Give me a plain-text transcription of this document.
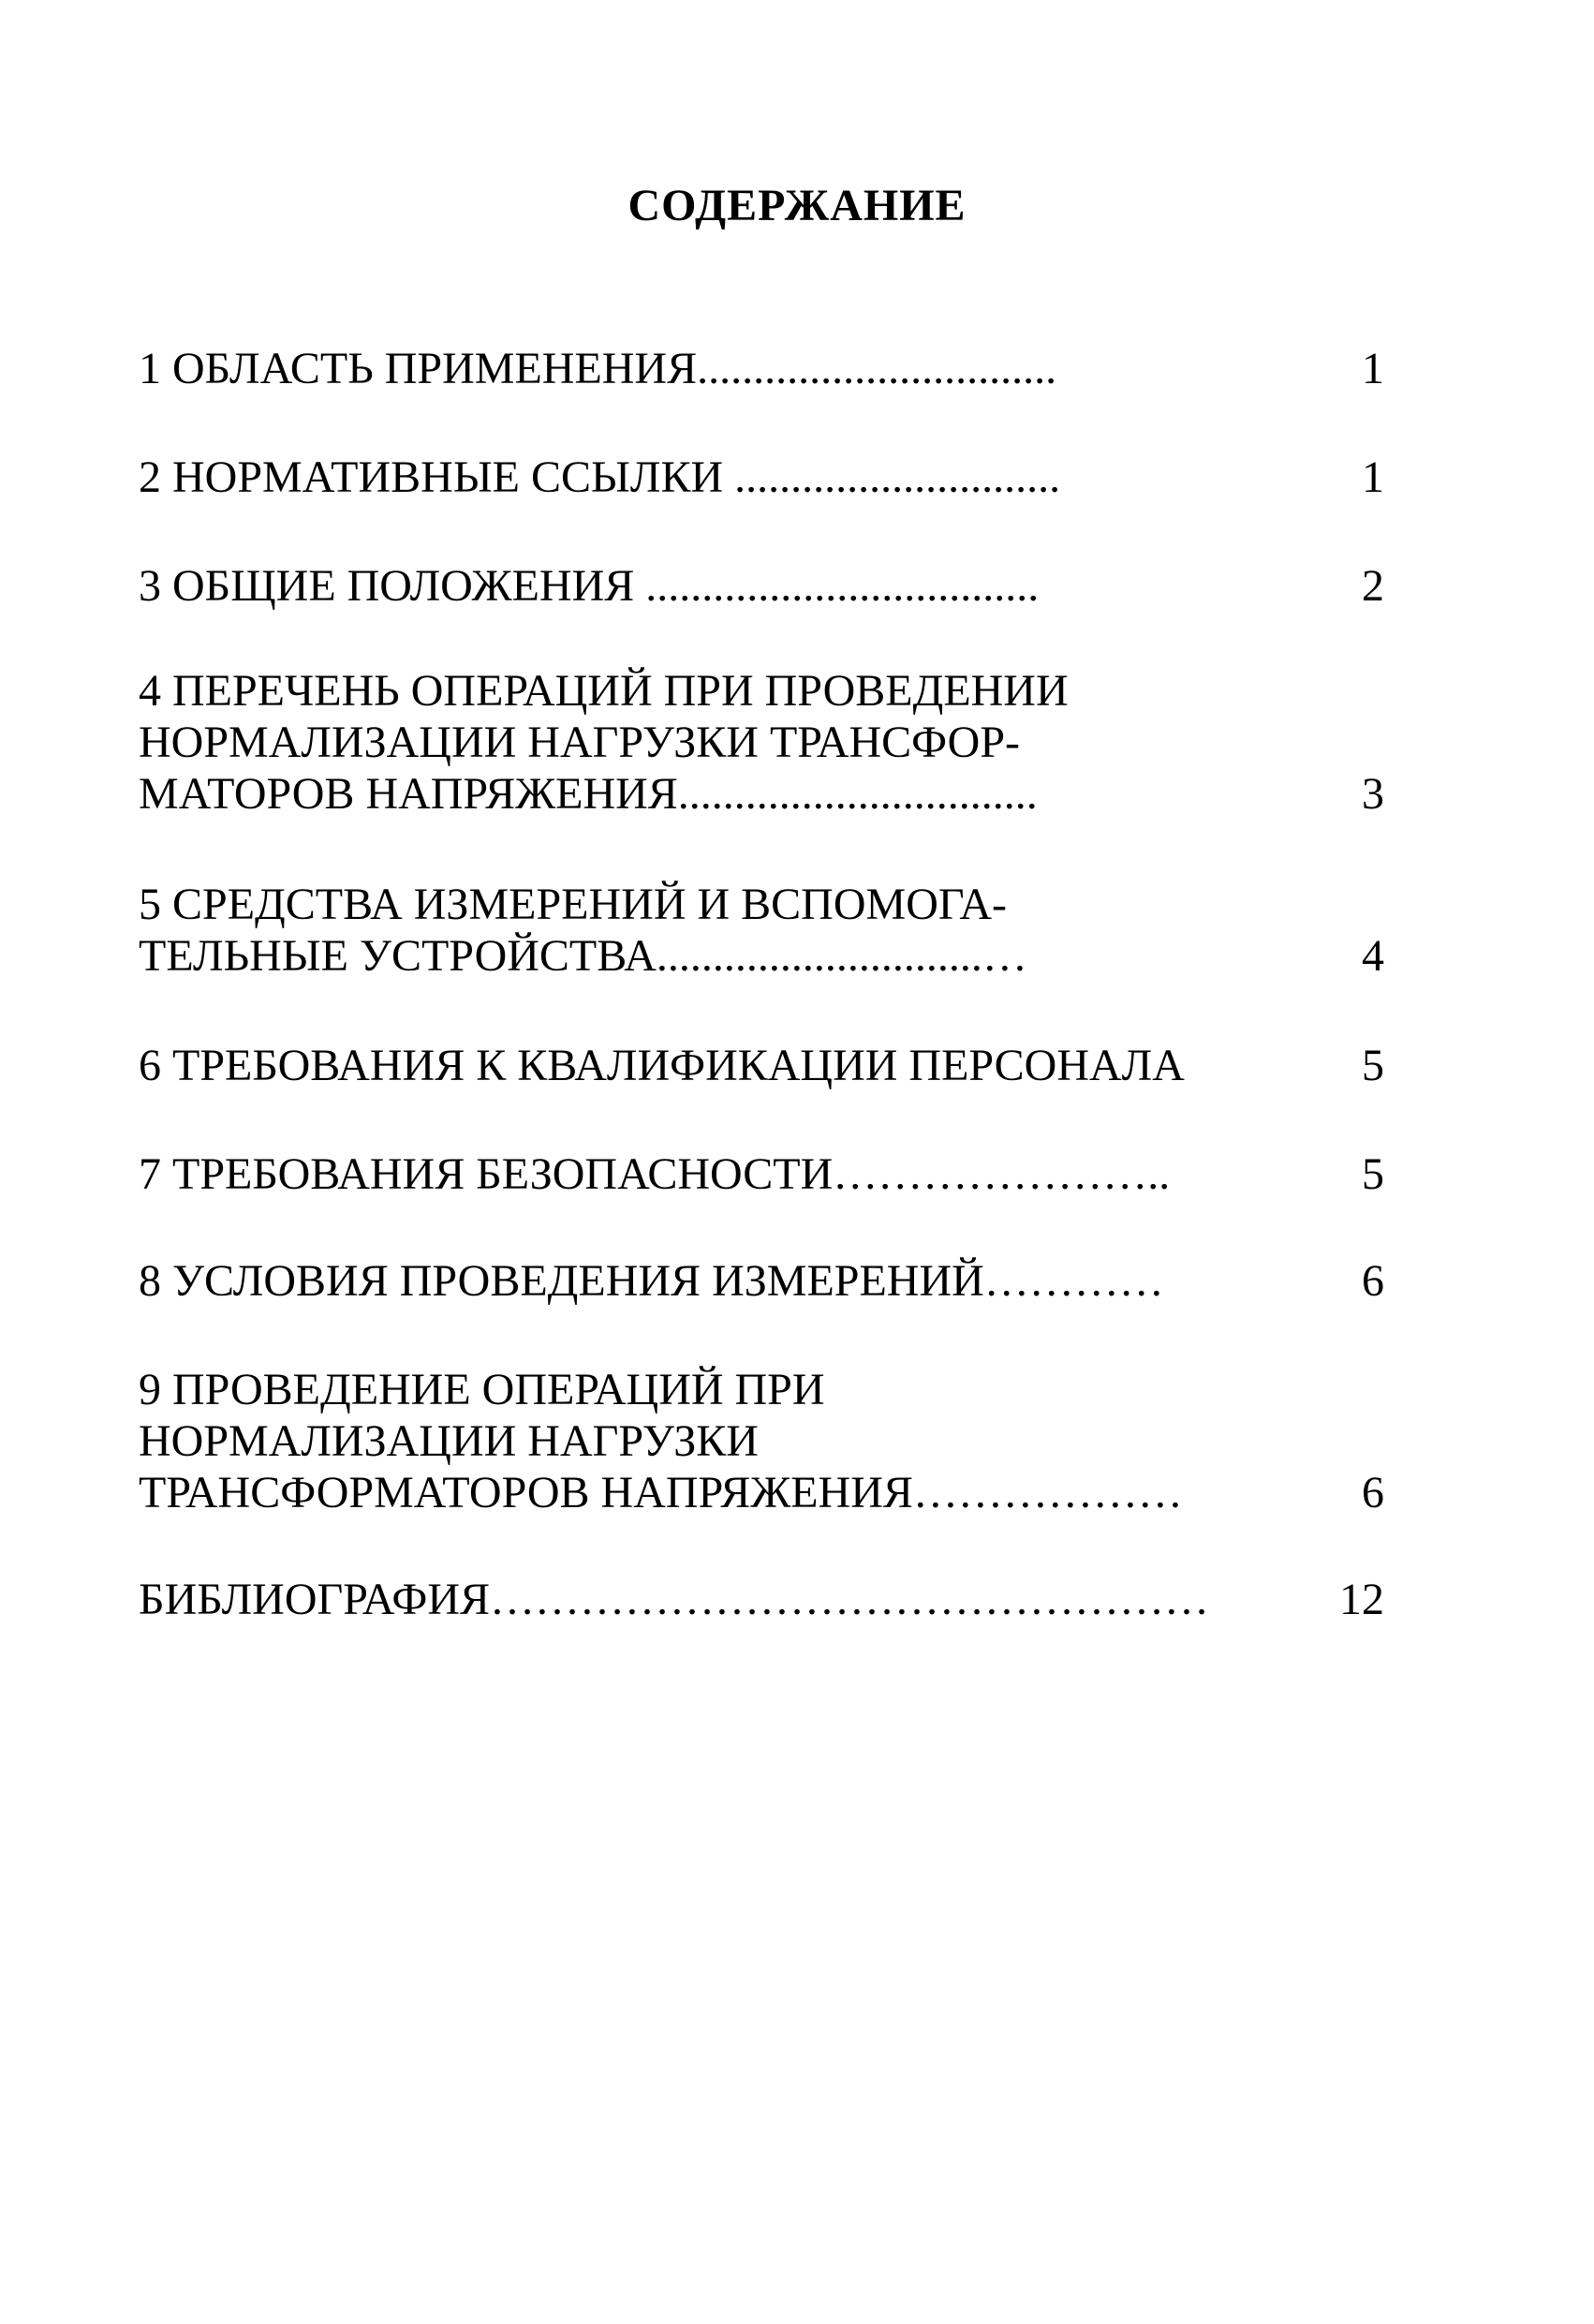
СОДЕРЖАНИЕ
1 ОБЛАСТЬ ПРИМЕНЕНИЯ................................	1
2 НОРМАТИВНЫЕ ССЫЛКИ .............................	1
3 ОБЩИЕ ПОЛОЖЕНИЯ ...................................	2
4 ПЕРЕЧЕНЬ ОПЕРАЦИЙ ПРИ ПРОВЕДЕНИИ
НОРМАЛИЗАЦИИ НАГРУЗКИ ТРАНСФОР-
МАТОРОВ НАПРЯЖЕНИЯ................................	3
5 СРЕДСТВА ИЗМЕРЕНИЙ И ВСПОМОГА-
ТЕЛЬНЫЕ УСТРОЙСТВА.............................…	4
6 ТРЕБОВАНИЯ К КВАЛИФИКАЦИИ ПЕРСОНАЛА	5
7 ТРЕБОВАНИЯ БЕЗОПАСНОСТИ…………………..	5
8 УСЛОВИЯ ПРОВЕДЕНИЯ ИЗМЕРЕНИЙ…………	6
9 ПРОВЕДЕНИЕ ОПЕРАЦИЙ ПРИ
НОРМАЛИЗАЦИИ НАГРУЗКИ
ТРАНСФОРМАТОРОВ НАПРЯЖЕНИЯ………………	6
БИБЛИОГРАФИЯ…………………………………………	12
